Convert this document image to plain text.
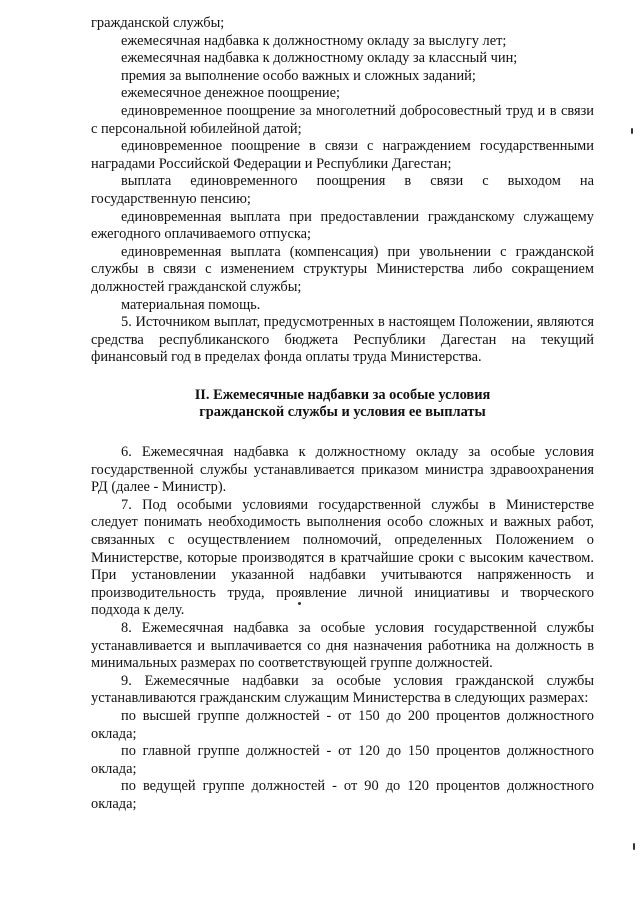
гражданской службы;

ежемесячная надбавка к должностному окладу за выслугу лет;

ежемесячная надбавка к должностному окладу за классный чин;

премия за выполнение особо важных и сложных заданий;

ежемесячное денежное поощрение;

единовременное поощрение за многолетний добросовестный труд и в связи с персональной юбилейной датой;

единовременное поощрение в связи с награждением государственными наградами Российской Федерации и Республики Дагестан;

выплата единовременного поощрения в связи с выходом на государственную пенсию;

единовременная выплата при предоставлении гражданскому служащему ежегодного оплачиваемого отпуска;

единовременная выплата (компенсация) при увольнении с гражданской службы в связи с изменением структуры Министерства либо сокращением должностей гражданской службы;

материальная помощь.

5. Источником выплат, предусмотренных в настоящем Положении, являются средства республиканского бюджета Республики Дагестан на текущий финансовый год в пределах фонда оплаты труда Министерства.

II. Ежемесячные надбавки за особые условия
гражданской службы и условия ее выплаты

6. Ежемесячная надбавка к должностному окладу за особые условия государственной службы устанавливается приказом министра здравоохранения РД (далее - Министр).

7. Под особыми условиями государственной службы в Министерстве следует понимать необходимость выполнения особо сложных и важных работ, связанных с осуществлением полномочий, определенных Положением о Министерстве, которые производятся в кратчайшие сроки с высоким качеством. При установлении указанной надбавки учитываются напряженность и производительность труда, проявление личной инициативы и творческого подхода к делу.

8. Ежемесячная надбавка за особые условия государственной службы устанавливается и выплачивается со дня назначения работника на должность в минимальных размерах по соответствующей группе должностей.

9. Ежемесячные надбавки за особые условия гражданской службы устанавливаются гражданским служащим Министерства в следующих размерах:

по высшей группе должностей - от 150 до 200 процентов должностного оклада;

по главной группе должностей - от 120 до 150 процентов должностного оклада;

по ведущей группе должностей - от 90 до 120 процентов должностного оклада;
